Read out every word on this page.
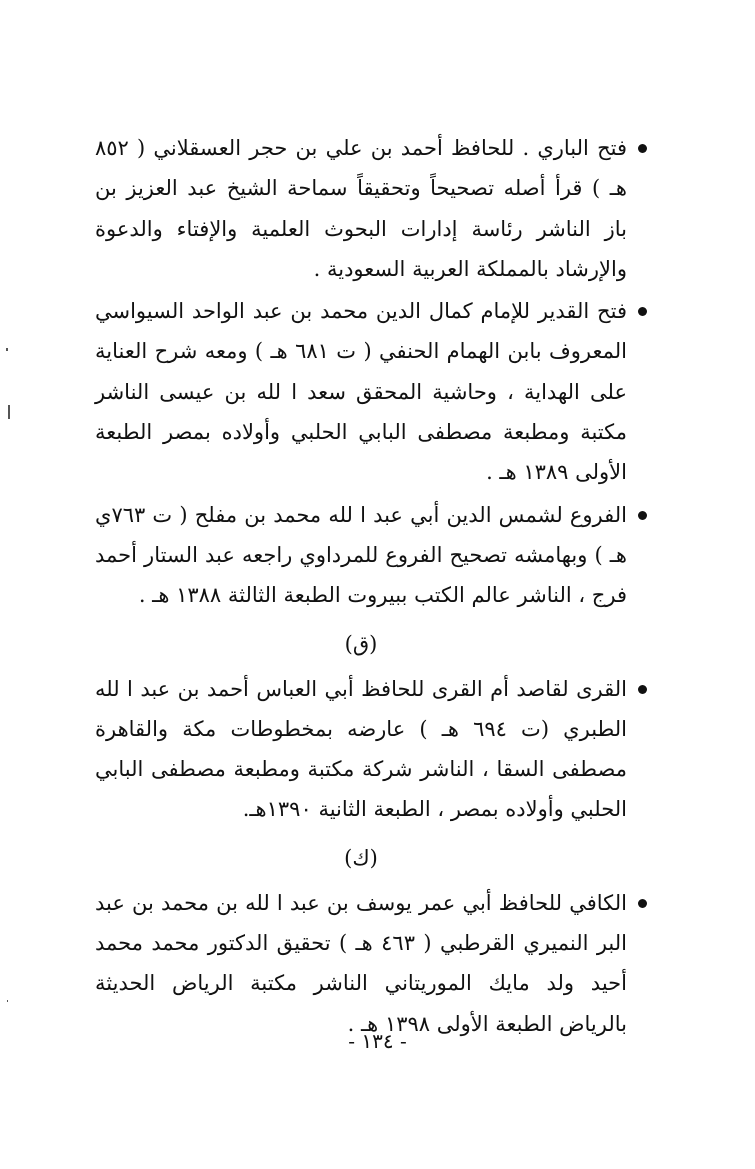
فتح الباري . للحافظ أحمد بن علي بن حجر العسقلاني ( ٨٥٢ هـ ) قرأ أصله تصحيحاً وتحقيقاً سماحة الشيخ عبد العزيز بن باز الناشر رئاسة إدارات البحوث العلمية والإفتاء والدعوة والإرشاد بالمملكة العربية السعودية .
فتح القدير للإمام كمال الدين محمد بن عبد الواحد السيواسي المعروف بابن الهمام الحنفي ( ت ٦٨١ هـ ) ومعه شرح العناية على الهداية ، وحاشية المحقق سعد ا لله بن عيسى الناشر مكتبة ومطبعة مصطفى البابي الحلبي وأولاده بمصر الطبعة الأولى ١٣٨٩ هـ .
الفروع لشمس الدين أبي عبد ا لله محمد بن مفلح ( ت ٧٦٣ي هـ ) وبهامشه تصحيح الفروع للمرداوي راجعه عبد الستار أحمد فرج ، الناشر عالم الكتب ببيروت الطبعة الثالثة ١٣٨٨ هـ .
(ق)
القرى لقاصد أم القرى للحافظ أبي العباس أحمد بن عبد ا لله الطبري (ت ٦٩٤ هـ ) عارضه بمخطوطات مكة والقاهرة مصطفى السقا ، الناشر شركة مكتبة ومطبعة مصطفى البابي الحلبي وأولاده بمصر ، الطبعة الثانية ١٣٩٠هـ.
(ك)
الكافي للحافظ أبي عمر يوسف بن عبد ا لله بن محمد بن عبد البر النميري القرطبي ( ٤٦٣ هـ ) تحقيق الدكتور محمد محمد أحيد ولد مايك الموريتاني الناشر مكتبة الرياض الحديثة بالرياض الطبعة الأولى ١٣٩٨ هـ .
- ١٣٤ -
